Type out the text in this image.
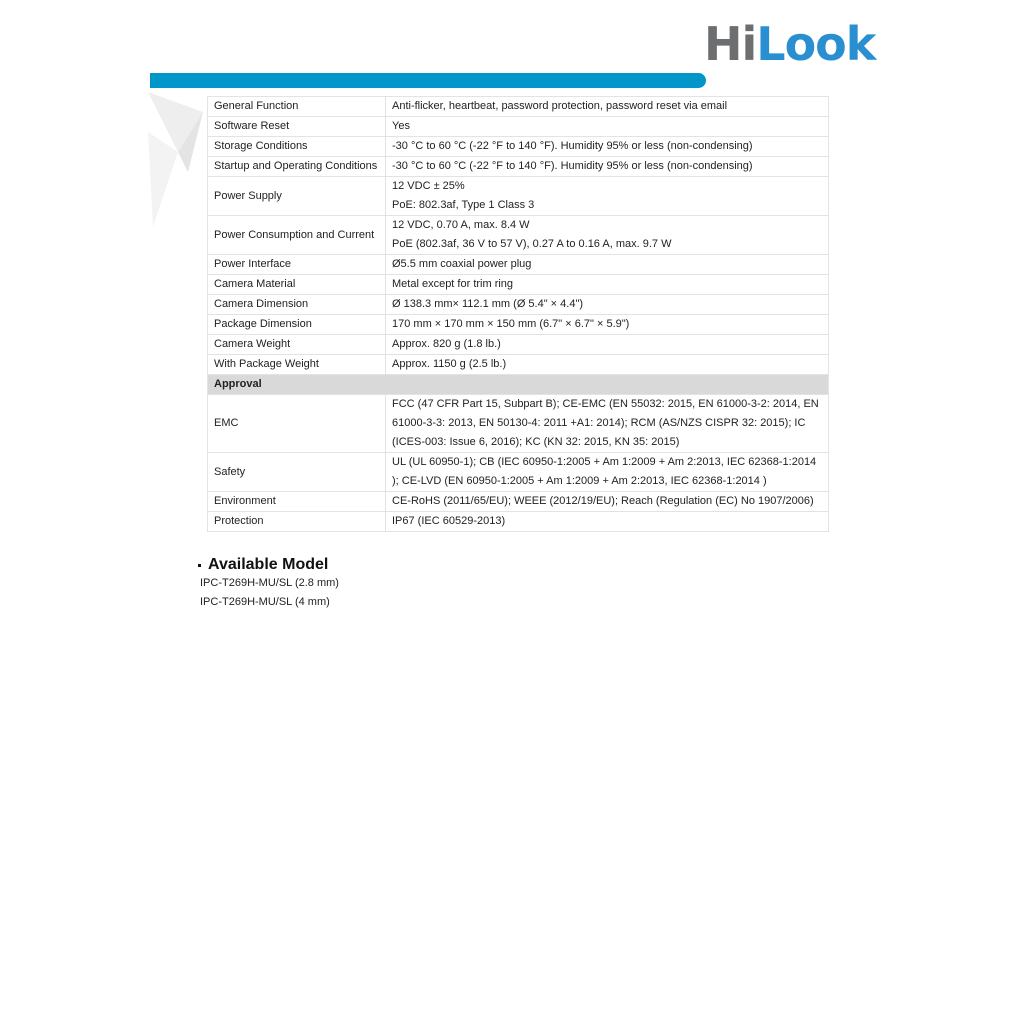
HiLook
General Function	Anti-flicker, heartbeat, password protection, password reset via email
Software Reset	Yes
Storage Conditions	-30 °C to 60 °C (-22 °F to 140 °F). Humidity 95% or less (non-condensing)
Startup and Operating Conditions	-30 °C to 60 °C (-22 °F to 140 °F). Humidity 95% or less (non-condensing)
Power Supply	12 VDC ± 25%
PoE: 802.3af, Type 1 Class 3

Power Consumption and Current	12 VDC, 0.70 A, max. 8.4 W
PoE (802.3af, 36 V to 57 V), 0.27 A to 0.16 A, max. 9.7 W

Power Interface	Ø5.5 mm coaxial power plug
Camera Material	Metal except for trim ring
Camera Dimension	Ø 138.3 mm× 112.1 mm (Ø 5.4" × 4.4")
Package Dimension	170 mm × 170 mm × 150 mm (6.7" × 6.7" × 5.9")
Camera Weight	Approx. 820 g (1.8 lb.)
With Package Weight	Approx. 1150 g (2.5 lb.)
Approval	
EMC	FCC (47 CFR Part 15, Subpart B); CE-EMC (EN 55032: 2015, EN 61000-3-2: 2014, EN 61000-3-3: 2013, EN 50130-4: 2011 +A1: 2014); RCM (AS/NZS CISPR 32: 2015); IC (ICES-003: Issue 6, 2016); KC (KN 32: 2015, KN 35: 2015)
Safety	UL (UL 60950-1); CB (IEC 60950-1:2005 + Am 1:2009 + Am 2:2013, IEC 62368-1:2014 ); CE-LVD (EN 60950-1:2005 + Am 1:2009 + Am 2:2013, IEC 62368-1:2014 )
Environment	CE-RoHS (2011/65/EU); WEEE (2012/19/EU); Reach (Regulation (EC) No 1907/2006)
Protection	IP67 (IEC 60529-2013)
Available Model
IPC-T269H-MU/SL (2.8 mm)
IPC-T269H-MU/SL (4 mm)
